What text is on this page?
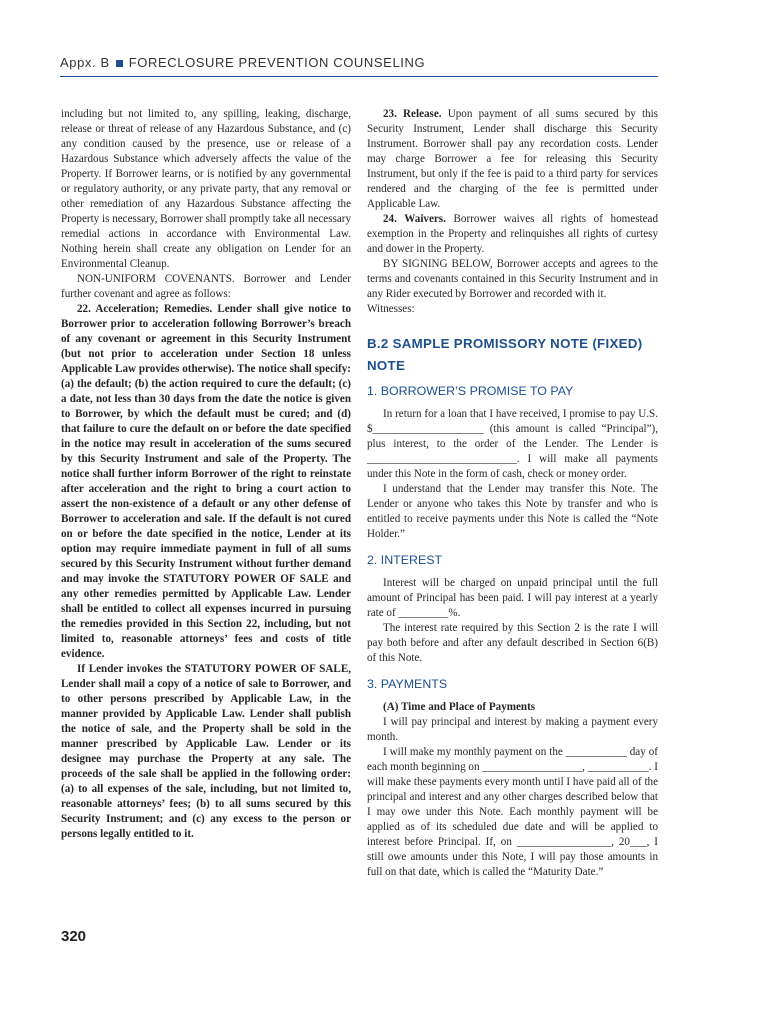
Appx. B FORECLOSURE PREVENTION COUNSELING

including but not limited to, any spilling, leaking, discharge, release or threat of release of any Hazardous Substance, and (c) any condition caused by the presence, use or release of a Hazardous Substance which adversely affects the value of the Property. If Borrower learns, or is notified by any governmental or regulatory authority, or any private party, that any removal or other remediation of any Hazardous Substance affecting the Property is necessary, Borrower shall promptly take all necessary remedial actions in accordance with Environmental Law. Nothing herein shall create any obligation on Lender for an Environmental Cleanup.

NON-UNIFORM COVENANTS. Borrower and Lender further covenant and agree as follows:

22. Acceleration; Remedies. Lender shall give notice to Borrower prior to acceleration following Borrower’s breach of any covenant or agreement in this Security Instrument (but not prior to acceleration under Section 18 unless Applicable Law provides otherwise). The notice shall specify: (a) the default; (b) the action required to cure the default; (c) a date, not less than 30 days from the date the notice is given to Borrower, by which the default must be cured; and (d) that failure to cure the default on or before the date specified in the notice may result in acceleration of the sums secured by this Security Instrument and sale of the Property. The notice shall further inform Borrower of the right to reinstate after acceleration and the right to bring a court action to assert the non-existence of a default or any other defense of Borrower to acceleration and sale. If the default is not cured on or before the date specified in the notice, Lender at its option may require immediate payment in full of all sums secured by this Security Instrument without further demand and may invoke the STATUTORY POWER OF SALE and any other remedies permitted by Applicable Law. Lender shall be entitled to collect all expenses incurred in pursuing the remedies provided in this Section 22, including, but not limited to, reasonable attorneys’ fees and costs of title evidence.

If Lender invokes the STATUTORY POWER OF SALE, Lender shall mail a copy of a notice of sale to Borrower, and to other persons prescribed by Applicable Law, in the manner provided by Applicable Law. Lender shall publish the notice of sale, and the Property shall be sold in the manner prescribed by Applicable Law. Lender or its designee may purchase the Property at any sale. The proceeds of the sale shall be applied in the following order: (a) to all expenses of the sale, including, but not limited to, reasonable attorneys’ fees; (b) to all sums secured by this Security Instrument; and (c) any excess to the person or persons legally entitled to it.

23. Release. Upon payment of all sums secured by this Security Instrument, Lender shall discharge this Security Instrument. Borrower shall pay any recordation costs. Lender may charge Borrower a fee for releasing this Security Instrument, but only if the fee is paid to a third party for services rendered and the charging of the fee is permitted under Applicable Law.

24. Waivers. Borrower waives all rights of homestead exemption in the Property and relinquishes all rights of curtesy and dower in the Property.

BY SIGNING BELOW, Borrower accepts and agrees to the terms and covenants contained in this Security Instrument and in any Rider executed by Borrower and recorded with it.

Witnesses:

B.2 SAMPLE PROMISSORY NOTE (FIXED) NOTE
1. BORROWER’S PROMISE TO PAY

In return for a loan that I have received, I promise to pay U.S. $____________________ (this amount is called “Principal”), plus interest, to the order of the Lender. The Lender is ___________________________. I will make all payments under this Note in the form of cash, check or money order.

I understand that the Lender may transfer this Note. The Lender or anyone who takes this Note by transfer and who is entitled to receive payments under this Note is called the “Note Holder.”

2. INTEREST

Interest will be charged on unpaid principal until the full amount of Principal has been paid. I will pay interest at a yearly rate of _________%.

The interest rate required by this Section 2 is the rate I will pay both before and after any default described in Section 6(B) of this Note.

3. PAYMENTS
(A) Time and Place of Payments

I will pay principal and interest by making a payment every month.

I will make my monthly payment on the ___________ day of each month beginning on __________________, ___________. I will make these payments every month until I have paid all of the principal and interest and any other charges described below that I may owe under this Note. Each monthly payment will be applied as of its scheduled due date and will be applied to interest before Principal. If, on _________________, 20___, I still owe amounts under this Note, I will pay those amounts in full on that date, which is called the “Maturity Date.”

320
